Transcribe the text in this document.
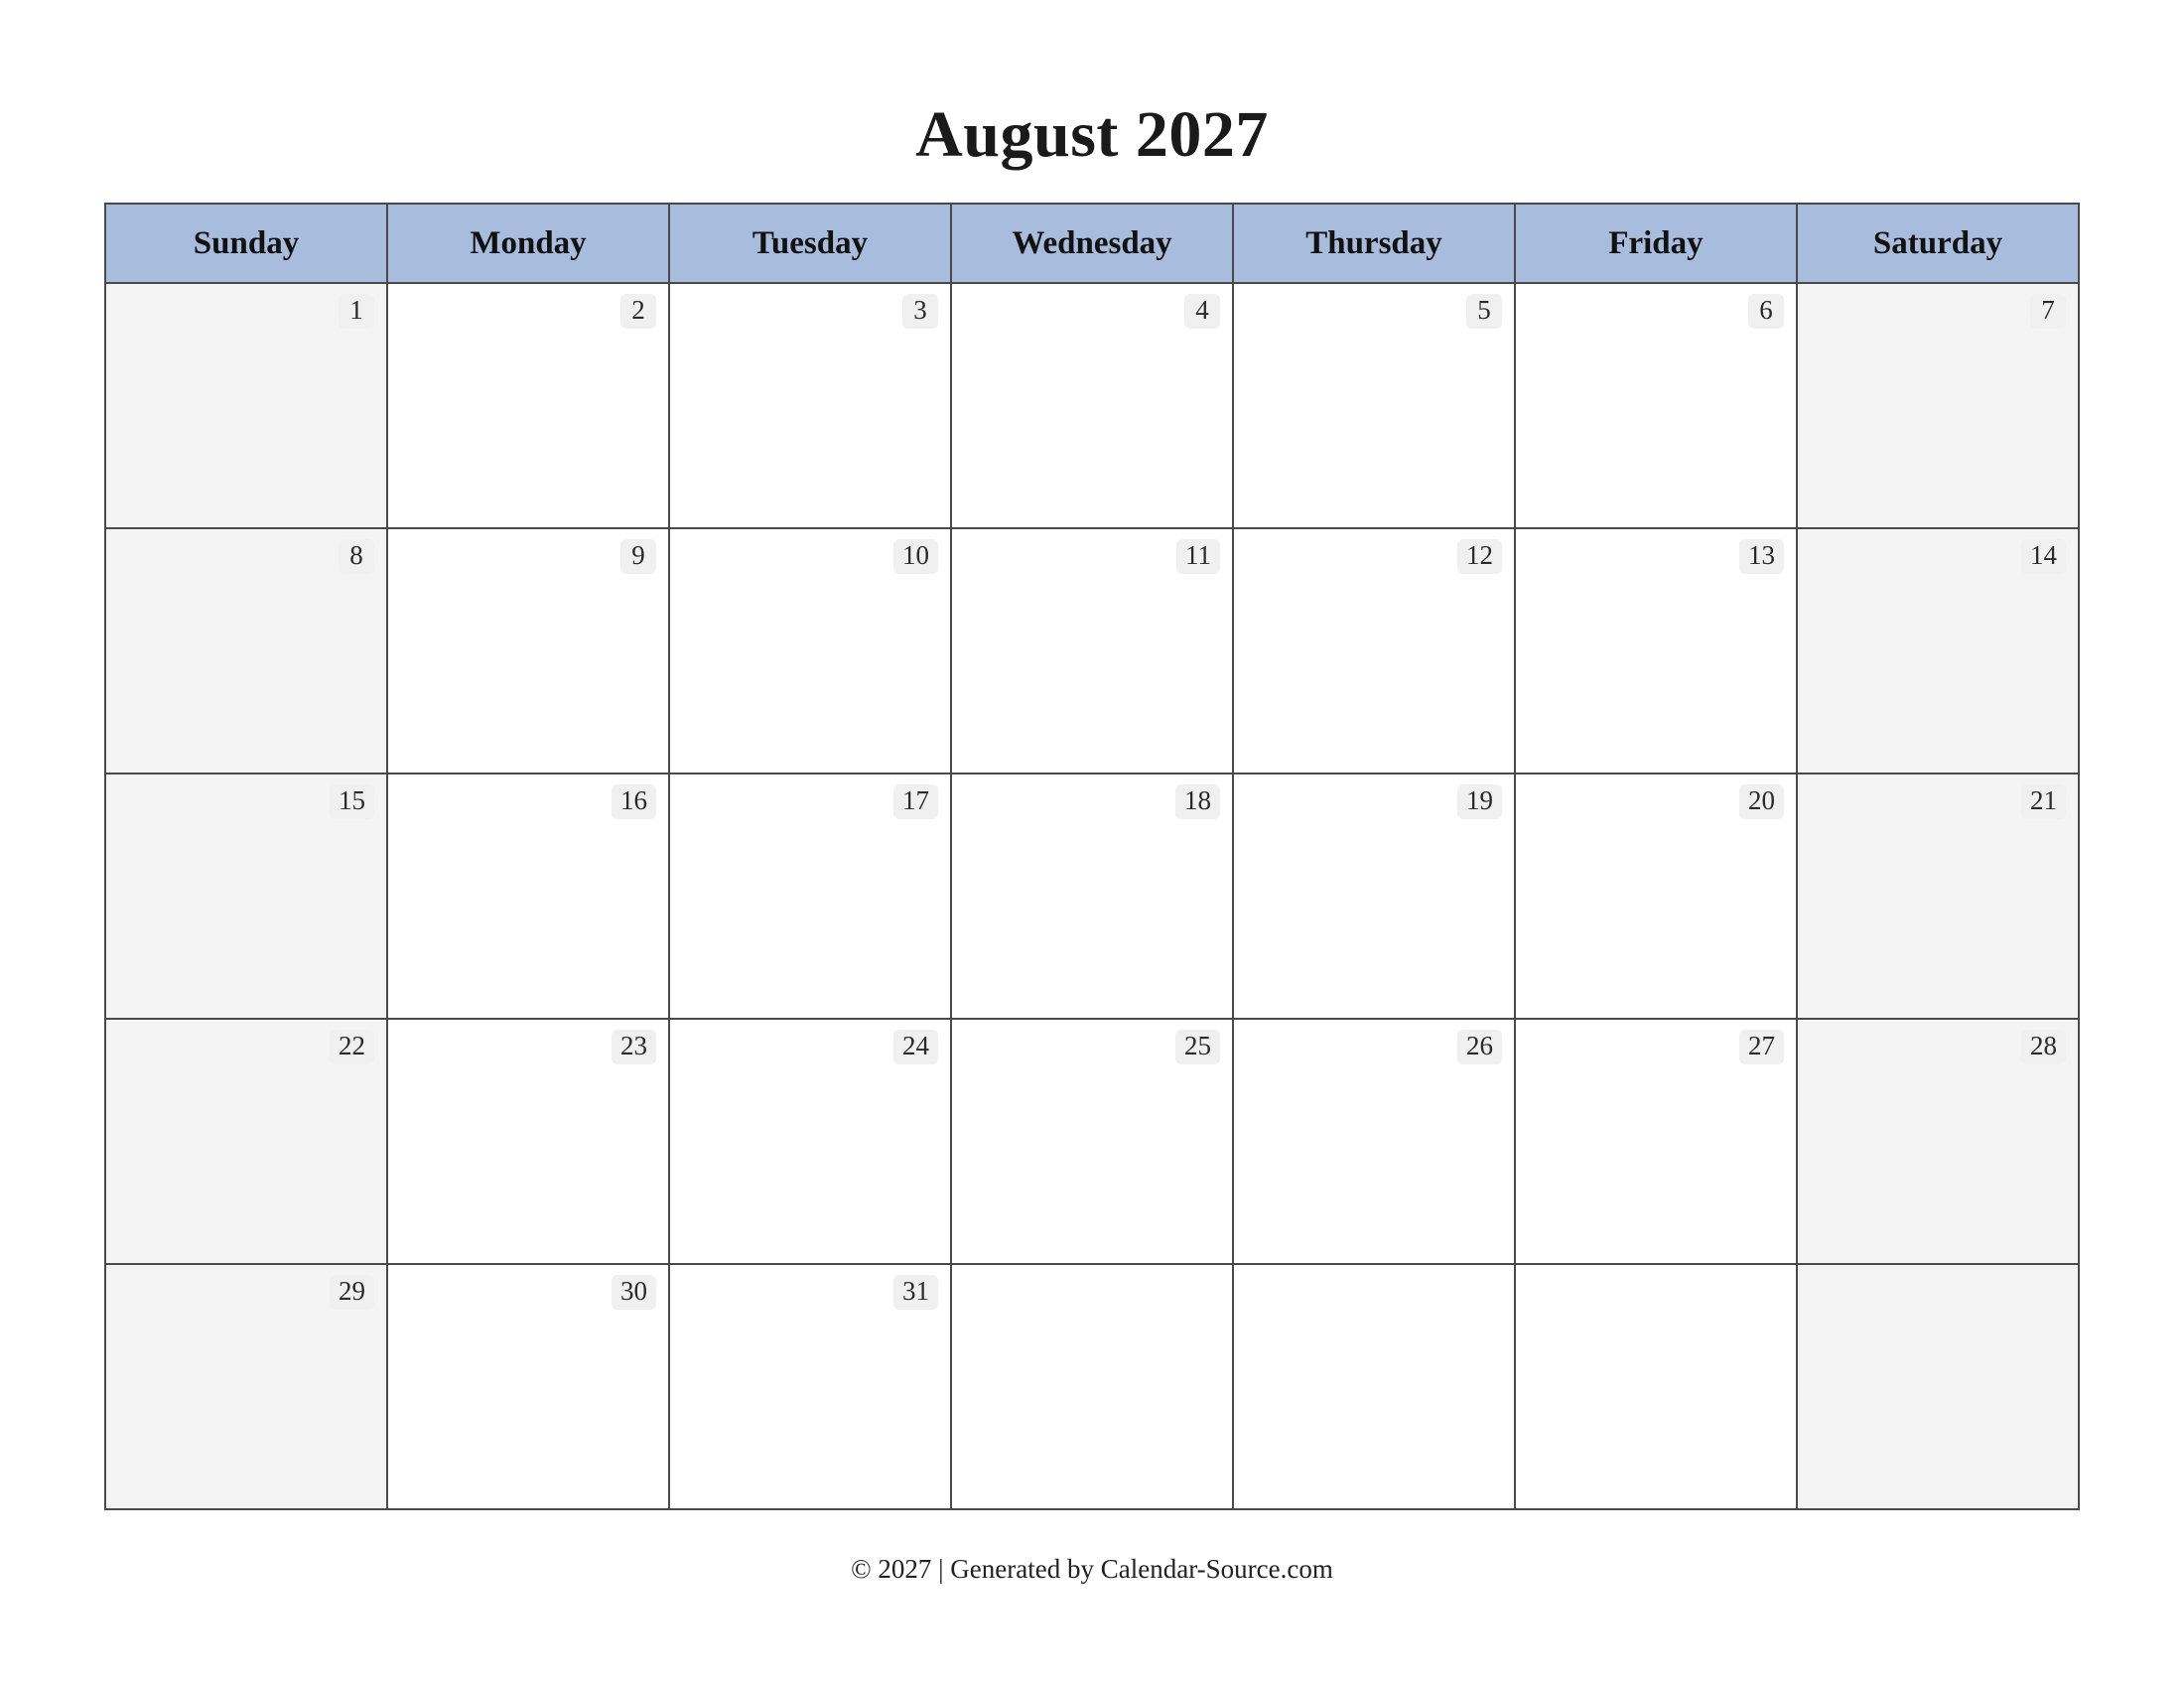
August 2027
Sunday	Monday	Tuesday	Wednesday	Thursday	Friday	Saturday

1	2	3	4	5	6	7

8	9	10	11	12	13	14

15	16	17	18	19	20	21

22	23	24	25	26	27	28

29	30	31				

© 2027 | Generated by Calendar-Source.com
